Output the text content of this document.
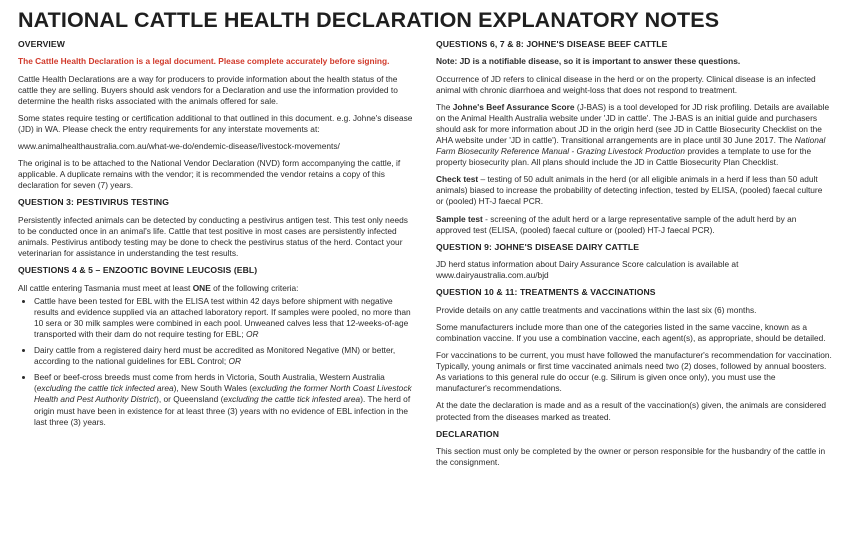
NATIONAL CATTLE HEALTH DECLARATION EXPLANATORY NOTES
OVERVIEW

The Cattle Health Declaration is a legal document. Please complete accurately before signing.

Cattle Health Declarations are a way for producers to provide information about the health status of the cattle they are selling. Buyers should ask vendors for a Declaration and use the information provided to determine the health risks associated with the animals offered for sale.

Some states require testing or certification additional to that outlined in this document. e.g. Johne's disease (JD) in WA. Please check the entry requirements for any interstate movements at:

www.animalhealthaustralia.com.au/what-we-do/endemic-disease/livestock-movements/

The original is to be attached to the National Vendor Declaration (NVD) form accompanying the cattle, if applicable. A duplicate remains with the vendor; it is recommended the vendor retains a copy of this declaration for seven (7) years.

QUESTION 3: PESTIVIRUS TESTING

Persistently infected animals can be detected by conducting a pestivirus antigen test. This test only needs to be conducted once in an animal's life. Cattle that test positive in most cases are persistently infected animals. Pestivirus antibody testing may be done to check the pestivirus status of the herd. Contact your veterinarian for assistance in understanding the test results.

QUESTIONS 4 & 5 – ENZOOTIC BOVINE LEUCOSIS (EBL)

All cattle entering Tasmania must meet at least ONE of the following criteria:

• Cattle have been tested for EBL with the ELISA test within 42 days before shipment with negative results and evidence supplied via an attached laboratory report. If samples were pooled, no more than 10 sera or 30 milk samples were combined in each pool. Unweaned calves less that 12-weeks-of-age transported with their dam do not require testing for EBL; OR
• Dairy cattle from a registered dairy herd must be accredited as Monitored Negative (MN) or better, according to the national guidelines for EBL Control; OR
• Beef or beef-cross breeds must come from herds in Victoria, South Australia, Western Australia (excluding the cattle tick infected area), New South Wales (excluding the former North Coast Livestock Health and Pest Authority District), or Queensland (excluding the cattle tick infested area). The herd of origin must have been in existence for at least three (3) years with no evidence of EBL infection in the last three (3) years.
QUESTIONS 6, 7 & 8: JOHNE'S DISEASE BEEF CATTLE

Note: JD is a notifiable disease, so it is important to answer these questions.

Occurrence of JD refers to clinical disease in the herd or on the property. Clinical disease is an infected animal with chronic diarrhoea and weight-loss that does not respond to treatment.

The Johne's Beef Assurance Score (J-BAS) is a tool developed for JD risk profiling. Details are available on the Animal Health Australia website under 'JD in cattle'. The J-BAS is an initial guide and purchasers should ask for more information about JD in the origin herd (see JD in Cattle Biosecurity Checklist on the AHA website under 'JD in cattle'). Transitional arrangements are in place until 30 June 2017. The National Farm Biosecurity Reference Manual - Grazing Livestock Production provides a template to use for the property biosecurity plan. All plans should include the JD in Cattle Biosecurity Plan Checklist.

Check test – testing of 50 adult animals in the herd (or all eligible animals in a herd if less than 50 adult animals) biased to increase the probability of detecting infection, tested by ELISA, (pooled) faecal culture or (pooled) HT-J faecal PCR.

Sample test - screening of the adult herd or a large representative sample of the adult herd by an approved test (ELISA, (pooled) faecal culture or (pooled) HT-J faecal PCR).

QUESTION 9: JOHNE'S DISEASE DAIRY CATTLE

JD herd status information about Dairy Assurance Score calculation is available at www.dairyaustralia.com.au/bjd

QUESTION 10 & 11: TREATMENTS & VACCINATIONS

Provide details on any cattle treatments and vaccinations within the last six (6) months.

Some manufacturers include more than one of the categories listed in the same vaccine, known as a combination vaccine. If you use a combination vaccine, each agent(s), as appropriate, should be detailed.

For vaccinations to be current, you must have followed the manufacturer's recommendation for vaccination. Typically, young animals or first time vaccinated animals need two (2) doses, followed by annual boosters. As variations to this general rule do occur (e.g. Silirum is given once only), you must use the manufacturer's recommendations.

At the date the declaration is made and as a result of the vaccination(s) given, the animals are considered protected from the diseases marked as treated.

DECLARATION

This section must only be completed by the owner or person responsible for the husbandry of the cattle in the consignment.
